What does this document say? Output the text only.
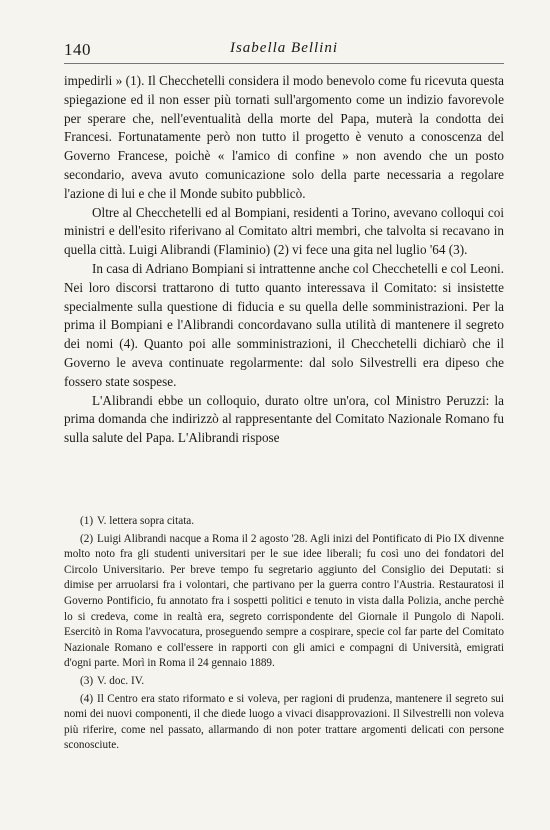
140	Isabella Bellini

impedirli » (1). Il Checchetelli considera il modo benevolo come fu ricevuta questa spiegazione ed il non esser più tornati sull'argomento come un indizio favorevole per sperare che, nell'eventualità della morte del Papa, muterà la condotta dei Francesi. Fortunatamente però non tutto il progetto è venuto a conoscenza del Governo Francese, poichè « l'amico di confine » non avendo che un posto secondario, aveva avuto comunicazione solo della parte necessaria a regolare l'azione di lui e che il Monde subito pubblicò.

Oltre al Checchetelli ed al Bompiani, residenti a Torino, avevano colloqui coi ministri e dell'esito riferivano al Comitato altri membri, che talvolta si recavano in quella città. Luigi Alibrandi (Flaminio) (2) vi fece una gita nel luglio '64 (3).

In casa di Adriano Bompiani si intrattenne anche col Checchetelli e col Leoni. Nei loro discorsi trattarono di tutto quanto interessava il Comitato: si insistette specialmente sulla questione di fiducia e su quella delle somministrazioni. Per la prima il Bompiani e l'Alibrandi concordavano sulla utilità di mantenere il segreto dei nomi (4). Quanto poi alle somministrazioni, il Checchetelli dichiarò che il Governo le aveva continuate regolarmente: dal solo Silvestrelli era dipeso che fossero state sospese.

L'Alibrandi ebbe un colloquio, durato oltre un'ora, col Ministro Peruzzi: la prima domanda che indirizzò al rappresentante del Comitato Nazionale Romano fu sulla salute del Papa. L'Alibrandi rispose

(1) V. lettera sopra citata.

(2) Luigi Alibrandi nacque a Roma il 2 agosto '28. Agli inizi del Pontificato di Pio IX divenne molto noto fra gli studenti universitari per le sue idee liberali; fu così uno dei fondatori del Circolo Universitario. Per breve tempo fu segretario aggiunto del Consiglio dei Deputati: si dimise per arruolarsi fra i volontari, che partivano per la guerra contro l'Austria. Restauratosi il Governo Pontificio, fu annotato fra i sospetti politici e tenuto in vista dalla Polizia, anche perchè lo si credeva, come in realtà era, segreto corrispondente del Giornale il Pungolo di Napoli. Esercitò in Roma l'avvocatura, proseguendo sempre a cospirare, specie col far parte del Comitato Nazionale Romano e coll'essere in rapporti con gli amici e compagni di Università, emigrati d'ogni parte. Morì in Roma il 24 gennaio 1889.

(3) V. doc. IV.

(4) Il Centro era stato riformato e si voleva, per ragioni di prudenza, mantenere il segreto sui nomi dei nuovi componenti, il che diede luogo a vivaci disapprovazioni. Il Silvestrelli non voleva più riferire, come nel passato, allarmando di non poter trattare argomenti delicati con persone sconosciute.
